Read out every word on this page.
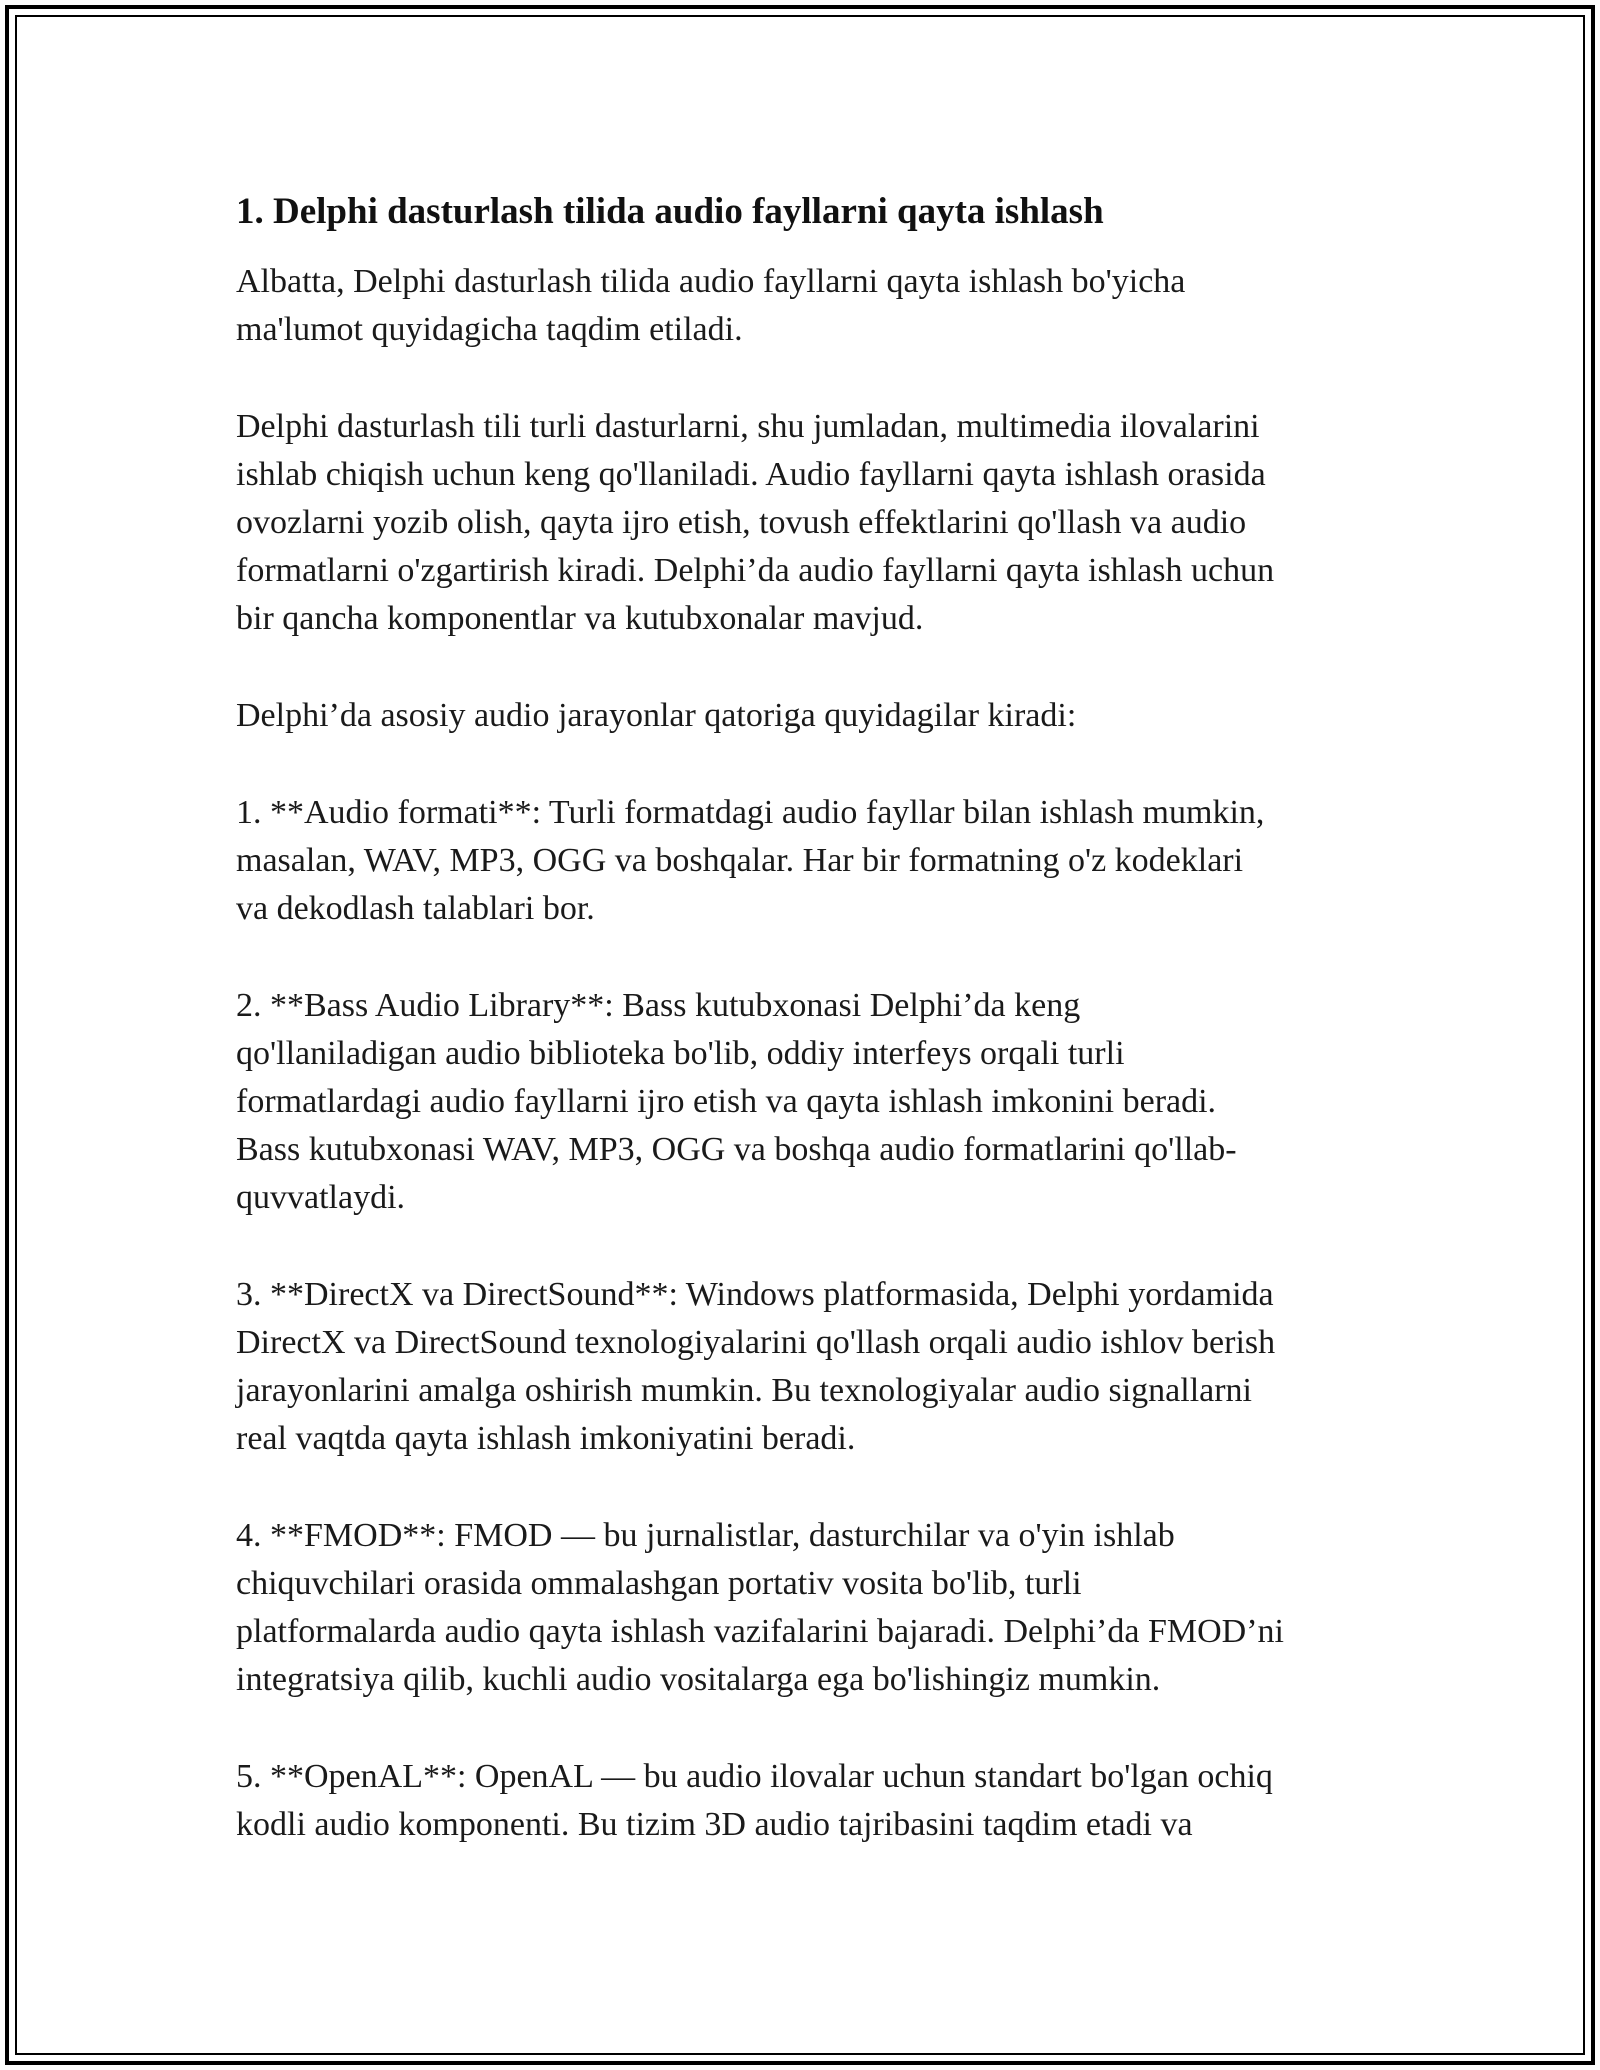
1. Delphi dasturlash tilida audio fayllarni qayta ishlash

Albatta, Delphi dasturlash tilida audio fayllarni qayta ishlash bo'yicha
ma'lumot quyidagicha taqdim etiladi.

Delphi dasturlash tili turli dasturlarni, shu jumladan, multimedia ilovalarini
ishlab chiqish uchun keng qo'llaniladi. Audio fayllarni qayta ishlash orasida
ovozlarni yozib olish, qayta ijro etish, tovush effektlarini qo'llash va audio
formatlarni o'zgartirish kiradi. Delphi’da audio fayllarni qayta ishlash uchun
bir qancha komponentlar va kutubxonalar mavjud.

Delphi’da asosiy audio jarayonlar qatoriga quyidagilar kiradi:

1. **Audio formati**: Turli formatdagi audio fayllar bilan ishlash mumkin,
masalan, WAV, MP3, OGG va boshqalar. Har bir formatning o'z kodeklari
va dekodlash talablari bor.

2. **Bass Audio Library**: Bass kutubxonasi Delphi’da keng
qo'llaniladigan audio biblioteka bo'lib, oddiy interfeys orqali turli
formatlardagi audio fayllarni ijro etish va qayta ishlash imkonini beradi.
Bass kutubxonasi WAV, MP3, OGG va boshqa audio formatlarini qo'llab-
quvvatlaydi.

3. **DirectX va DirectSound**: Windows platformasida, Delphi yordamida
DirectX va DirectSound texnologiyalarini qo'llash orqali audio ishlov berish
jarayonlarini amalga oshirish mumkin. Bu texnologiyalar audio signallarni
real vaqtda qayta ishlash imkoniyatini beradi.

4. **FMOD**: FMOD — bu jurnalistlar, dasturchilar va o'yin ishlab
chiquvchilari orasida ommalashgan portativ vosita bo'lib, turli
platformalarda audio qayta ishlash vazifalarini bajaradi. Delphi’da FMOD’ni
integratsiya qilib, kuchli audio vositalarga ega bo'lishingiz mumkin.

5. **OpenAL**: OpenAL — bu audio ilovalar uchun standart bo'lgan ochiq
kodli audio komponenti. Bu tizim 3D audio tajribasini taqdim etadi va
